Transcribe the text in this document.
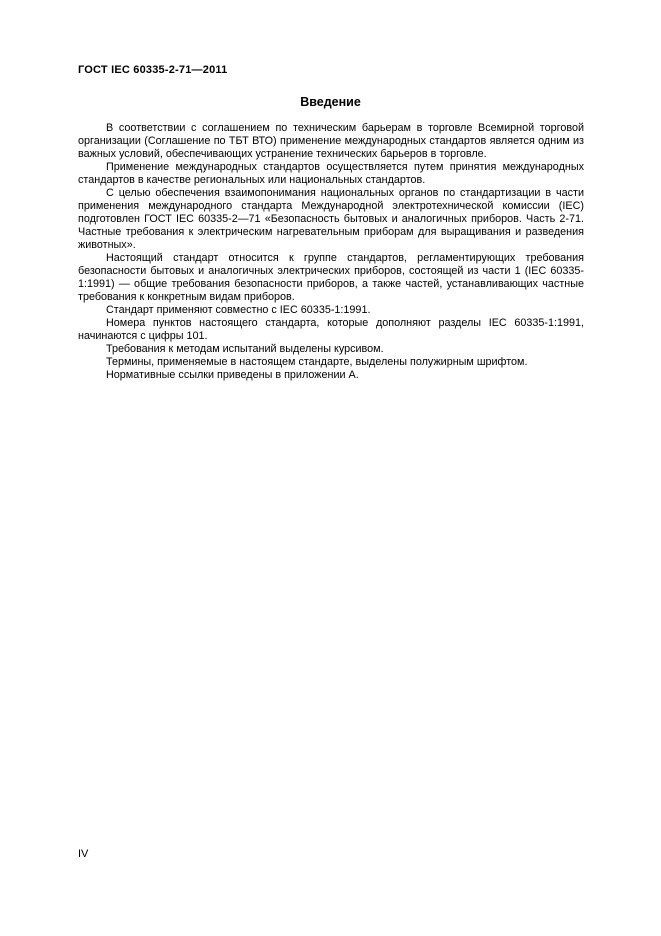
ГОСТ IEC 60335-2-71—2011
Введение

В соответствии с соглашением по техническим барьерам в торговле Всемирной торговой организации (Соглашение по ТБТ ВТО) применение международных стандартов является одним из важных условий, обеспечивающих устранение технических барьеров в торговле.

Применение международных стандартов осуществляется путем принятия международных стандартов в качестве региональных или национальных стандартов.

С целью обеспечения взаимопонимания национальных органов по стандартизации в части применения международного стандарта Международной электротехнической комиссии (IEC) подготовлен ГОСТ IEC 60335-2—71 «Безопасность бытовых и аналогичных приборов. Часть 2-71. Частные требования к электрическим нагревательным приборам для выращивания и разведения животных».

Настоящий стандарт относится к группе стандартов, регламентирующих требования безопасности бытовых и аналогичных электрических приборов, состоящей из части 1 (IEC 60335-1:1991) — общие требования безопасности приборов, а также частей, устанавливающих частные требования к конкретным видам приборов.

Стандарт применяют совместно с IEC 60335-1:1991.

Номера пунктов настоящего стандарта, которые дополняют разделы IEC 60335-1:1991, начинаются с цифры 101.

Требования к методам испытаний выделены курсивом.

Термины, применяемые в настоящем стандарте, выделены полужирным шрифтом.

Нормативные ссылки приведены в приложении А.

IV
